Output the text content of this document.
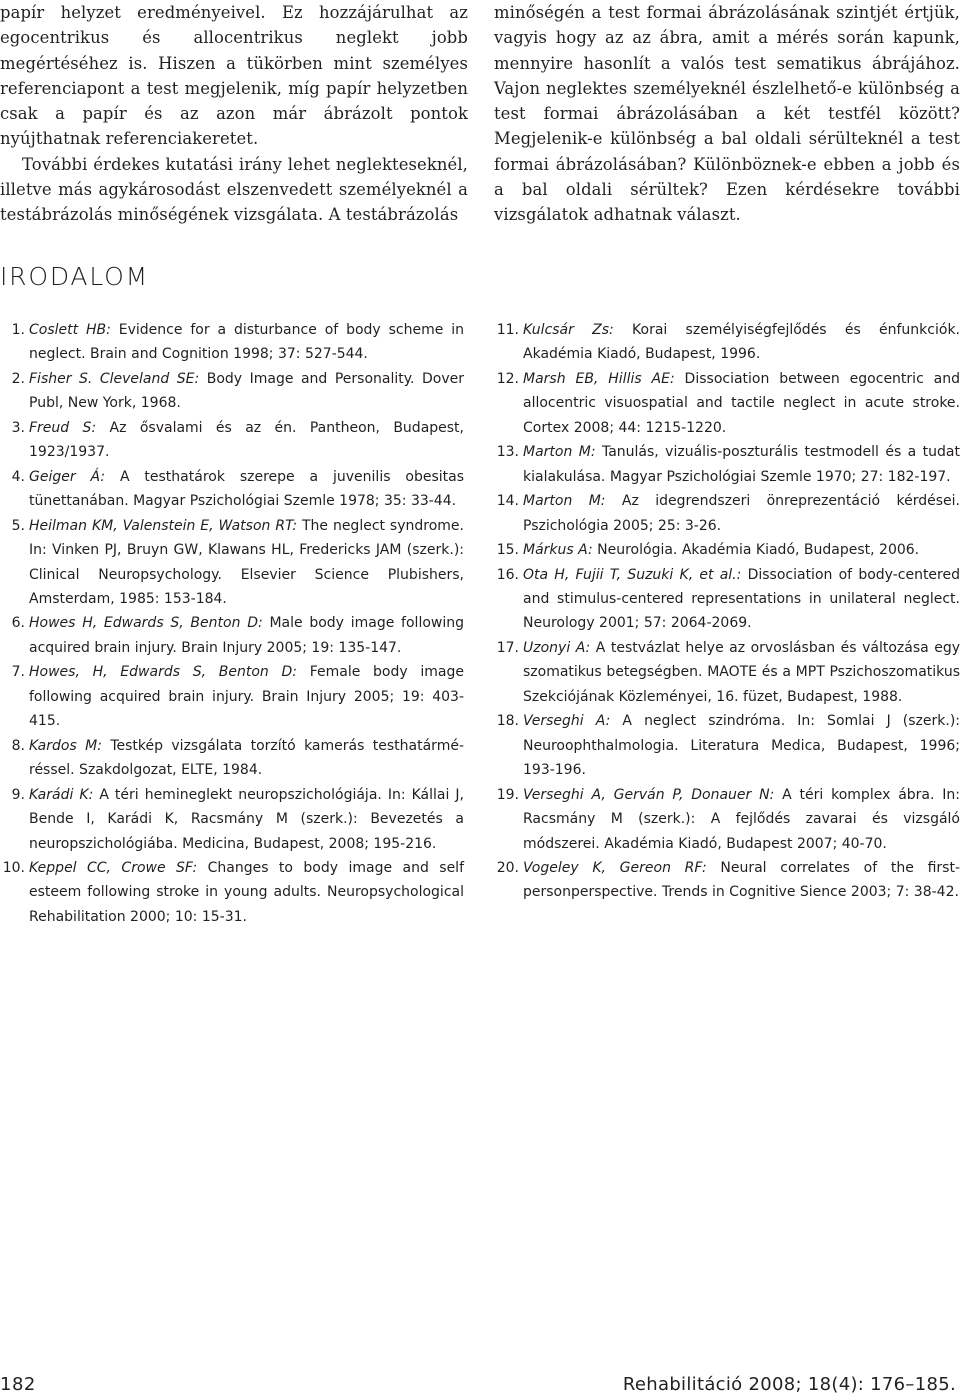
papír helyzet eredményeivel. Ez hozzájárulhat az egocentrikus és allocentrikus neglekt jobb megértéséhez is. Hiszen a tükörben mint személyes referenciapont a test megjelenik, míg papír helyzetben csak a papír és az azon már ábrázolt pontok nyújthatnak referenciakeretet.

További érdekes kutatási irány lehet neglekteseknél, illetve más agykárosodást elszenvedett személyeknél a testábrázolás minőségének vizsgálata. A testábrázolás

minőségén a test formai ábrázolásának szintjét értjük, vagyis hogy az az ábra, amit a mérés során kapunk, mennyire hasonlít a valós test sematikus ábrájához. Vajon neglektes személyeknél észlelhető-e különbség a test formai ábrázolásában a két testfél között? Megjelenik-e különbség a bal oldali sérülteknél a test formai ábrázolásában? Különböznek-e ebben a jobb és a bal oldali sérültek? Ezen kérdésekre további vizsgálatok adhatnak választ.

IRODALOM
1. Coslett HB: Evidence for a disturbance of body scheme in neglect. Brain and Cognition 1998; 37: 527-544.
2. Fisher S. Cleveland SE: Body Image and Personality. Dover Publ, New York, 1968.
3. Freud S: Az ősvalami és az én. Pantheon, Budapest, 1923/1937.
4. Geiger Á: A testhatárok szerepe a juvenilis obesitas tünettanában. Magyar Pszichológiai Szemle 1978; 35: 33-44.
5. Heilman KM, Valenstein E, Watson RT: The neglect syndrome. In: Vinken PJ, Bruyn GW, Klawans HL, Fredericks JAM (szerk.): Clinical Neuropsychology. Elsevier Science Plubishers, Amsterdam, 1985: 153-184.
6. Howes H, Edwards S, Benton D: Male body image following acquired brain injury. Brain Injury 2005; 19: 135-147.
7. Howes, H, Edwards S, Benton D: Female body image following acquired brain injury. Brain Injury 2005; 19: 403-415.
8. Kardos M: Testkép vizsgálata torzító kamerás testhatárméréssel. Szakdolgozat, ELTE, 1984.
9. Karádi K: A téri hemineglekt neuropszichológiája. In: Kállai J, Bende I, Karádi K, Racsmány M (szerk.): Bevezetés a neuropszichológiába. Medicina, Budapest, 2008; 195-216.
10. Keppel CC, Crowe SF: Changes to body image and self esteem following stroke in young adults. Neuropsychological Rehabilitation 2000; 10: 15-31.
11. Kulcsár Zs: Korai személyiségfejlődés és énfunkciók. Akadémia Kiadó, Budapest, 1996.
12. Marsh EB, Hillis AE: Dissociation between egocentric and allocentric visuospatial and tactile neglect in acute stroke. Cortex 2008; 44: 1215-1220.
13. Marton M: Tanulás, vizuális-poszturális testmodell és a tudat kialakulása. Magyar Pszichológiai Szemle 1970; 27: 182-197.
14. Marton M: Az idegrendszeri önreprezentáció kérdései. Pszichológia 2005; 25: 3-26.
15. Márkus A: Neurológia. Akadémia Kiadó, Budapest, 2006.
16. Ota H, Fujii T, Suzuki K, et al.: Dissociation of body-centered and stimulus-centered representations in unilateral neglect. Neurology 2001; 57: 2064-2069.
17. Uzonyi A: A testvázlat helye az orvoslásban és változása egy szomatikus betegségben. MAOTE és a MPT Pszichoszomatikus Szekciójának Közleményei, 16. füzet, Budapest, 1988.
18. Verseghi A: A neglect szindróma. In: Somlai J (szerk.): Neuroophthalmologia. Literatura Medica, Budapest, 1996; 193-196.
19. Verseghi A, Gerván P, Donauer N: A téri komplex ábra. In: Racsmány M (szerk.): A fejlődés zavarai és vizsgáló módszerei. Akadémia Kiadó, Budapest 2007; 40-70.
20. Vogeley K, Gereon RF: Neural correlates of the first-personperspective. Trends in Cognitive Sience 2003; 7: 38-42.
182	Rehabilitáció 2008; 18(4): 176–185.
